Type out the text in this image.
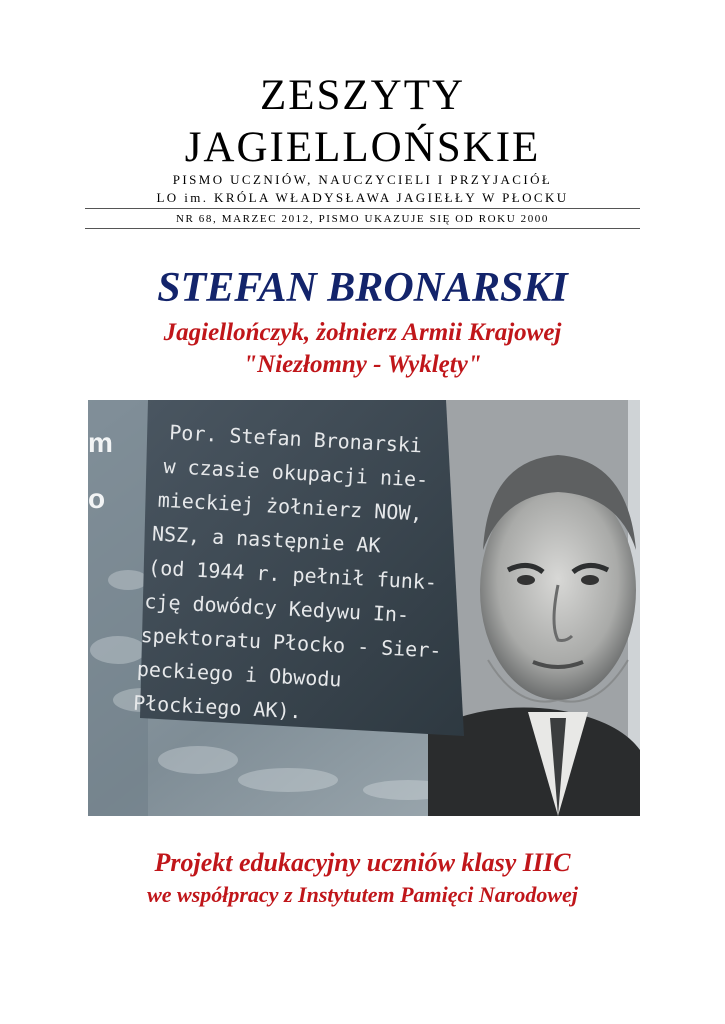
ZESZYTY
JAGIELLOŃSKIE
PISMO UCZNIÓW, NAUCZYCIELI I PRZYJACIÓŁ
LO im. KRÓLA WŁADYSŁAWA JAGIEŁŁY W PŁOCKU
NR 68, MARZEC 2012, PISMO UKAZUJE SIĘ OD ROKU 2000
STEFAN BRONARSKI
Jagiellończyk, żołnierz Armii Krajowej
"Niezłomny - Wyklęty"
m
o
Por. Stefan Bronarski
w czasie okupacji nie-
mieckiej żołnierz NOW,
NSZ, a następnie AK
(od 1944 r. pełnił funk-
cję dowódcy Kedywu In-
spektoratu Płocko - Sier-
peckiego i Obwodu
Płockiego AK).
Projekt edukacyjny uczniów klasy IIIC
we współpracy z Instytutem Pamięci Narodowej
